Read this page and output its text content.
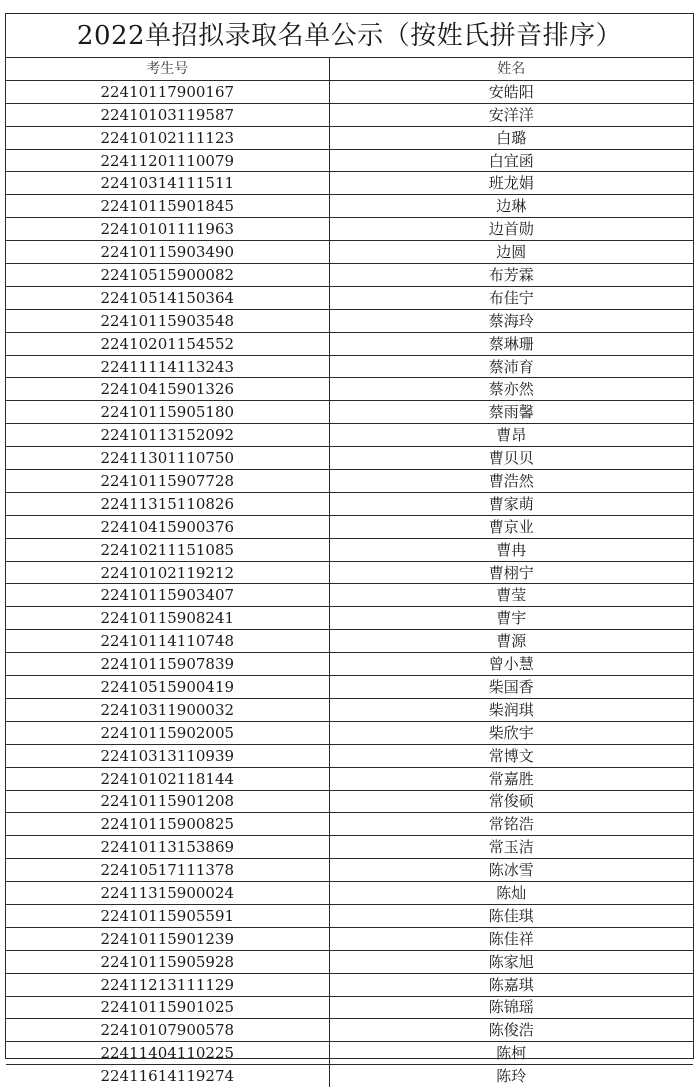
2022单招拟录取名单公示（按姓氏拼音排序）
考生号	姓名
22410117900167	安皓阳
22410103119587	安洋洋
22410102111123	白璐
22411201110079	白宜函
22410314111511	班龙娟
22410115901845	边琳
22410101111963	边首勋
22410115903490	边圆
22410515900082	布芳霖
22410514150364	布佳宁
22410115903548	蔡海玲
22410201154552	蔡琳珊
22411114113243	蔡沛育
22410415901326	蔡亦然
22410115905180	蔡雨馨
22410113152092	曹昂
22411301110750	曹贝贝
22410115907728	曹浩然
22411315110826	曹家萌
22410415900376	曹京业
22410211151085	曹冉
22410102119212	曹栩宁
22410115903407	曹莹
22410115908241	曹宇
22410114110748	曹源
22410115907839	曾小慧
22410515900419	柴国香
22410311900032	柴润琪
22410115902005	柴欣宇
22410313110939	常博文
22410102118144	常嘉胜
22410115901208	常俊硕
22410115900825	常铭浩
22410113153869	常玉洁
22410517111378	陈冰雪
22411315900024	陈灿
22410115905591	陈佳琪
22410115901239	陈佳祥
22410115905928	陈家旭
22411213111129	陈嘉琪
22410115901025	陈锦瑶
22410107900578	陈俊浩
22411404110225	陈柯
22411614119274	陈玲
